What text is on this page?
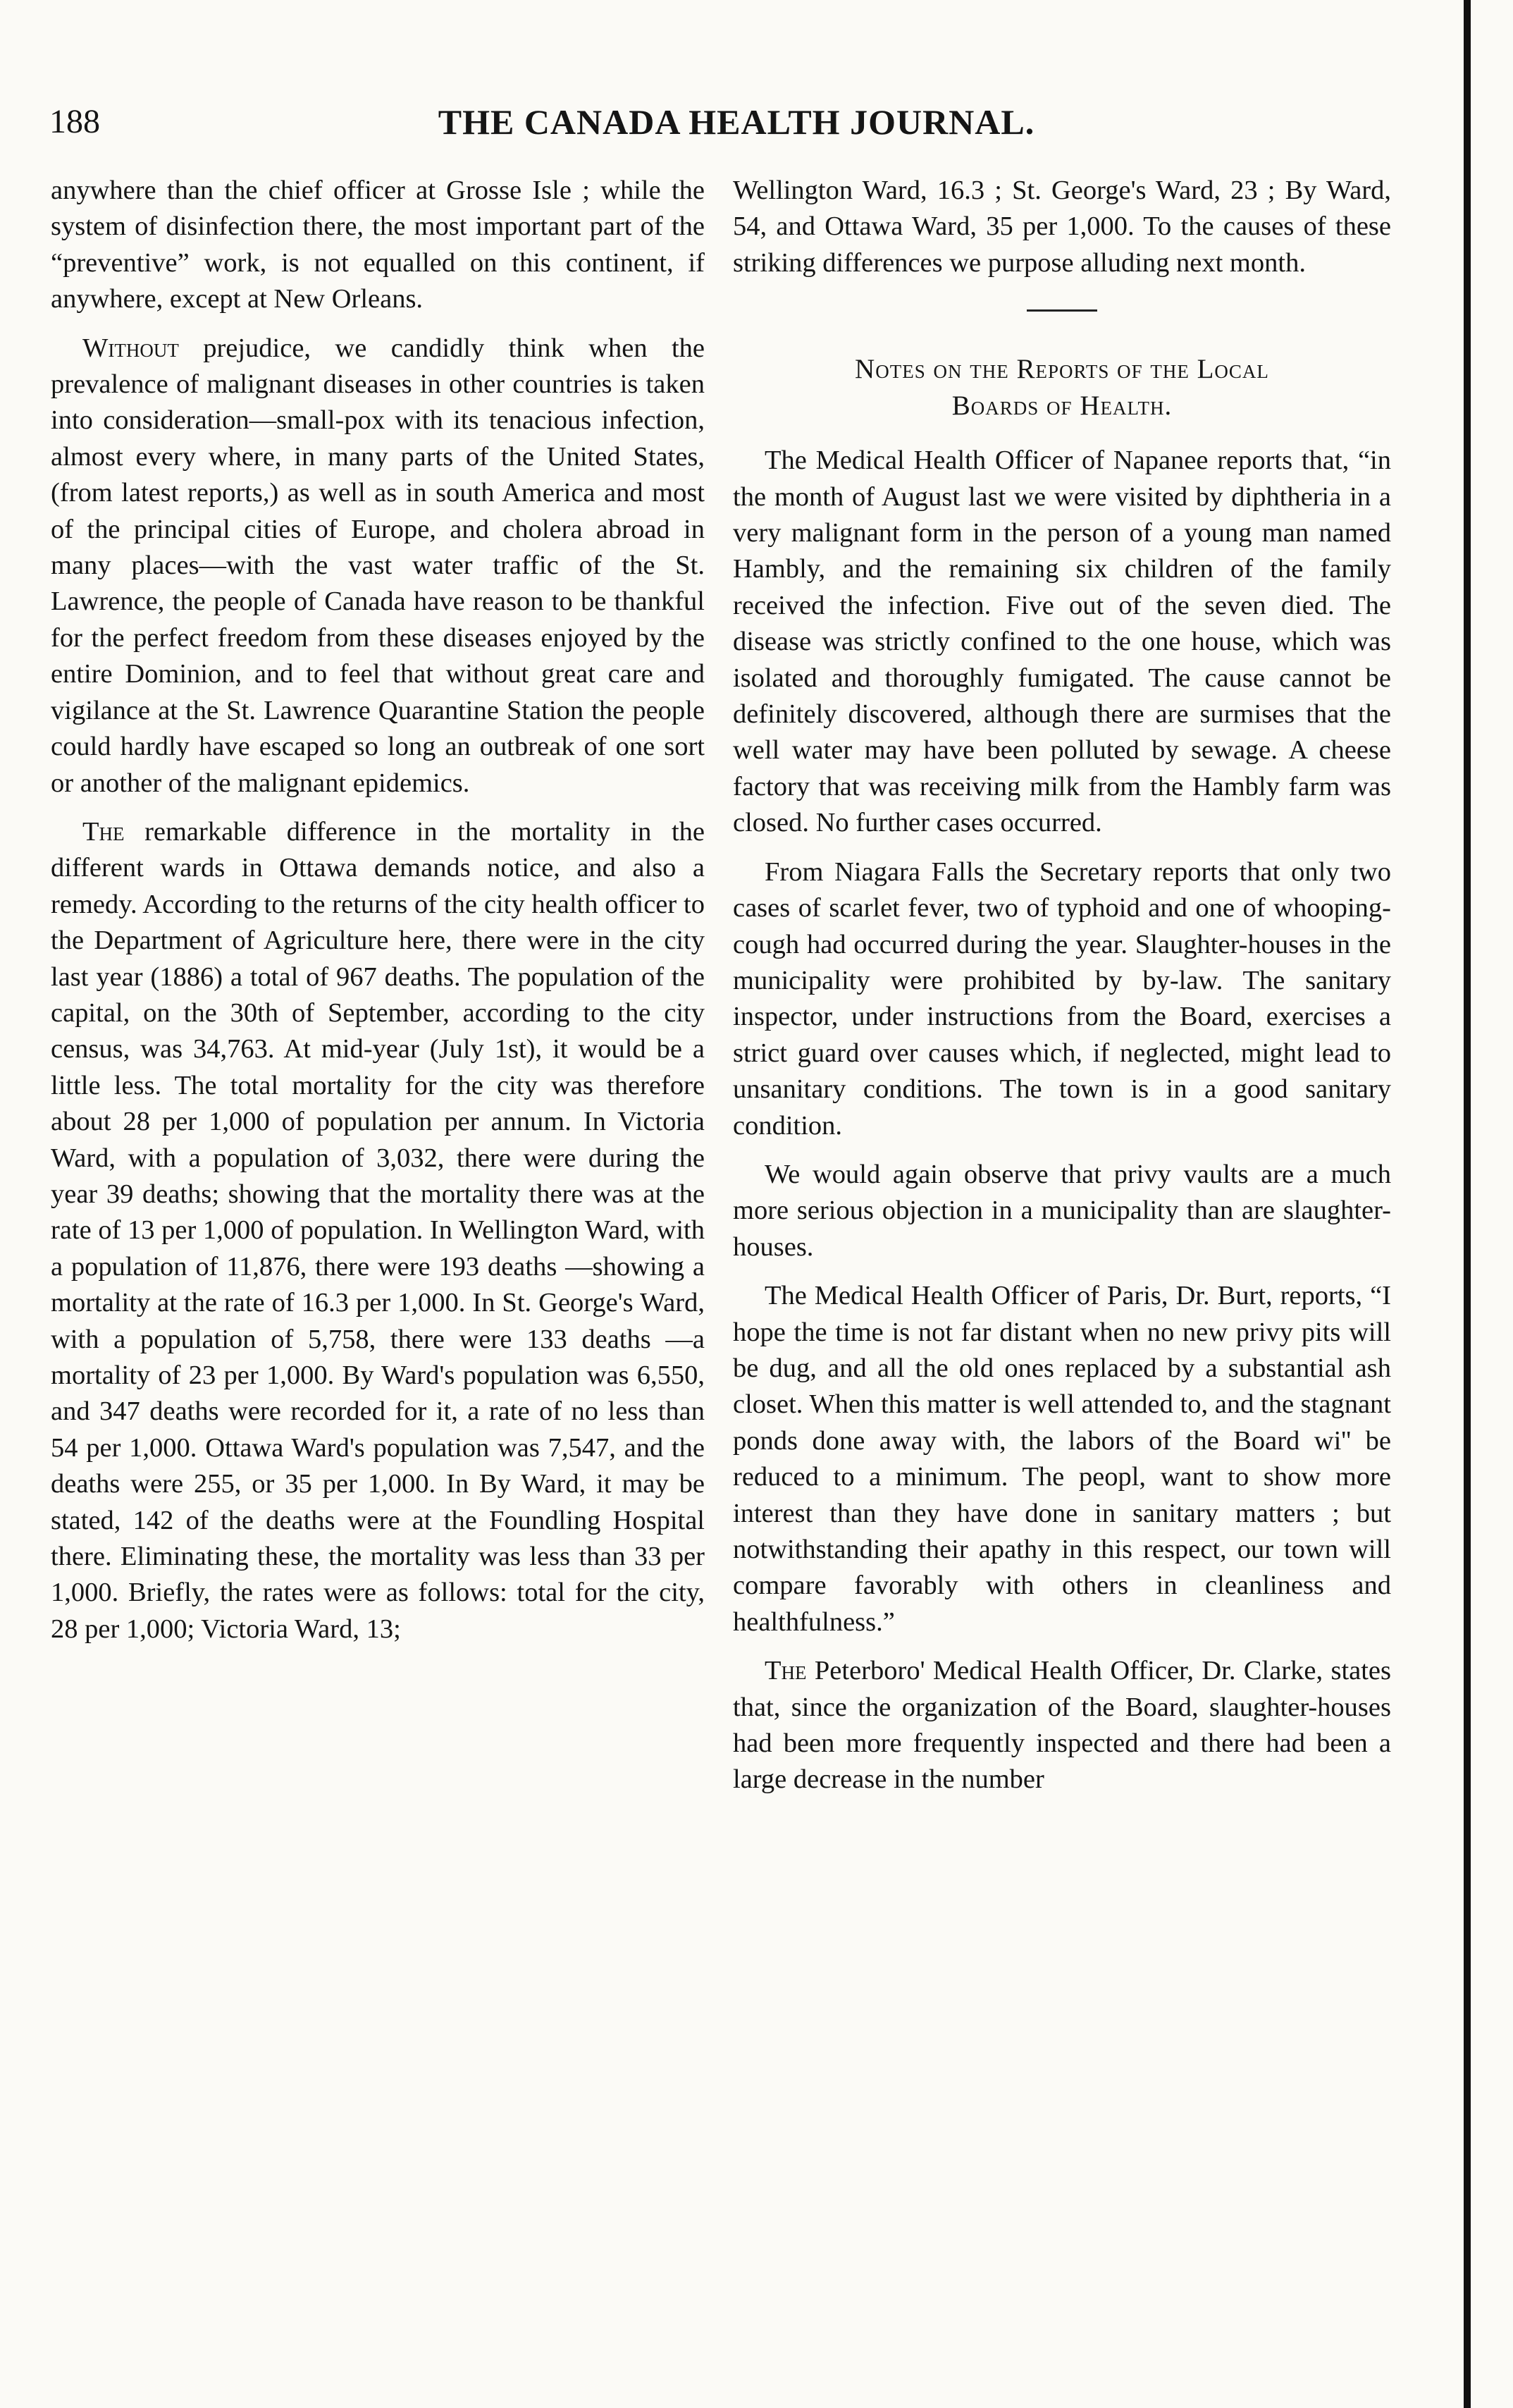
188	THE CANADA HEALTH JOURNAL.

anywhere than the chief officer at Grosse Isle ; while the system of disinfection there, the most important part of the “preventive” work, is not equalled on this continent, if anywhere, except at New Orleans.

Without prejudice, we candidly think when the prevalence of malignant diseases in other countries is taken into consideration—small-pox with its tenacious infection, almost every where, in many parts of the United States, (from latest reports,) as well as in south America and most of the principal cities of Europe, and cholera abroad in many places—with the vast water traffic of the St. Lawrence, the people of Canada have reason to be thankful for the perfect freedom from these diseases enjoyed by the entire Dominion, and to feel that without great care and vigilance at the St. Lawrence Quarantine Station the people could hardly have escaped so long an outbreak of one sort or another of the malignant epidemics.

The remarkable difference in the mortality in the different wards in Ottawa demands notice, and also a remedy. According to the returns of the city health officer to the Department of Agriculture here, there were in the city last year (1886) a total of 967 deaths. The population of the capital, on the 30th of September, according to the city census, was 34,763. At mid-year (July 1st), it would be a little less. The total mortality for the city was therefore about 28 per 1,000 of population per annum. In Victoria Ward, with a population of 3,032, there were during the year 39 deaths; showing that the mortality there was at the rate of 13 per 1,000 of population. In Wellington Ward, with a population of 11,876, there were 193 deaths —showing a mortality at the rate of 16.3 per 1,000. In St. George's Ward, with a population of 5,758, there were 133 deaths —a mortality of 23 per 1,000. By Ward's population was 6,550, and 347 deaths were recorded for it, a rate of no less than 54 per 1,000. Ottawa Ward's population was 7,547, and the deaths were 255, or 35 per 1,000. In By Ward, it may be stated, 142 of the deaths were at the Foundling Hospital there. Eliminating these, the mortality was less than 33 per 1,000. Briefly, the rates were as follows: total for the city, 28 per 1,000; Victoria Ward, 13;

Wellington Ward, 16.3 ; St. George's Ward, 23 ; By Ward, 54, and Ottawa Ward, 35 per 1,000. To the causes of these striking differences we purpose alluding next month.

Notes on the Reports of the Local
Boards of Health.

The Medical Health Officer of Napanee reports that, “in the month of August last we were visited by diphtheria in a very malignant form in the person of a young man named Hambly, and the remaining six children of the family received the infection. Five out of the seven died. The disease was strictly confined to the one house, which was isolated and thoroughly fumigated. The cause cannot be definitely discovered, although there are surmises that the well water may have been polluted by sewage. A cheese factory that was receiving milk from the Hambly farm was closed. No further cases occurred.

From Niagara Falls the Secretary reports that only two cases of scarlet fever, two of typhoid and one of whooping-cough had occurred during the year. Slaughter-houses in the municipality were prohibited by by-law. The sanitary inspector, under instructions from the Board, exercises a strict guard over causes which, if neglected, might lead to unsanitary conditions. The town is in a good sanitary condition.

We would again observe that privy vaults are a much more serious objection in a municipality than are slaughter-houses.

The Medical Health Officer of Paris, Dr. Burt, reports, “I hope the time is not far distant when no new privy pits will be dug, and all the old ones replaced by a substantial ash closet. When this matter is well attended to, and the stagnant ponds done away with, the labors of the Board wi'' be reduced to a minimum. The peopl, want to show more interest than they have done in sanitary matters ; but notwithstanding their apathy in this respect, our town will compare favorably with others in cleanliness and healthfulness.”

The Peterboro' Medical Health Officer, Dr. Clarke, states that, since the organization of the Board, slaughter-houses had been more frequently inspected and there had been a large decrease in the number
